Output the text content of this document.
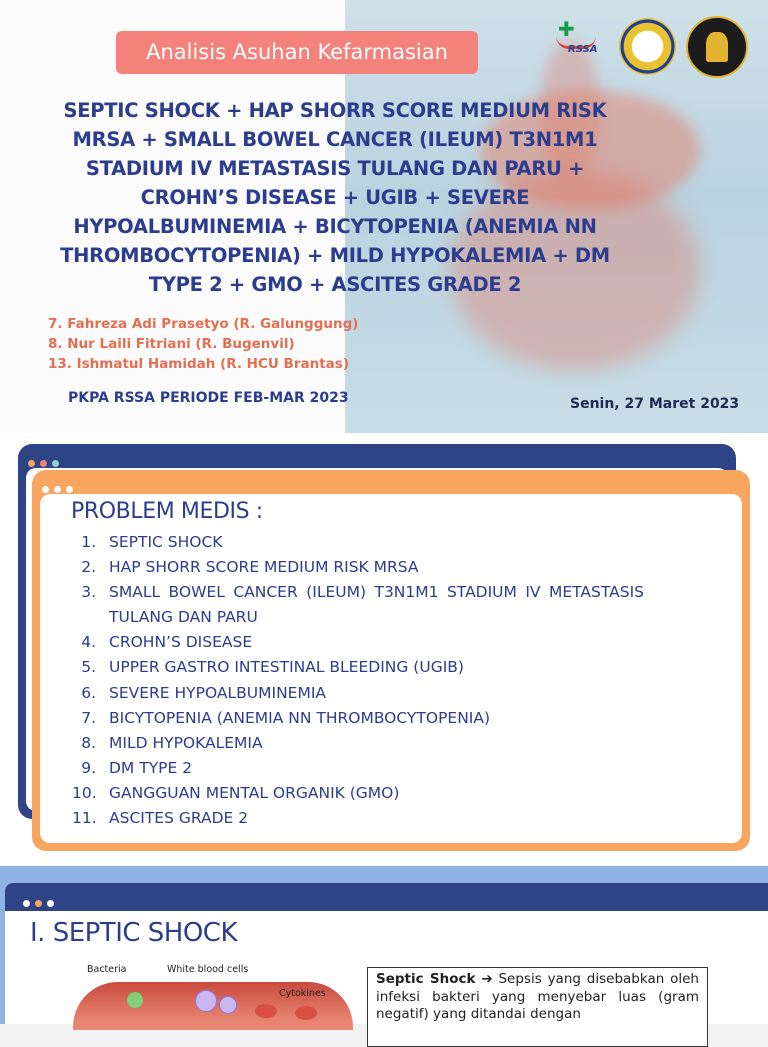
Analisis Asuhan Kefarmasian
✚
RSSA
SEPTIC SHOCK + HAP SHORR SCORE MEDIUM RISK
MRSA + SMALL BOWEL CANCER (ILEUM) T3N1M1
STADIUM IV METASTASIS TULANG DAN PARU +
CROHN’S DISEASE + UGIB + SEVERE
HYPOALBUMINEMIA + BICYTOPENIA (ANEMIA NN
THROMBOCYTOPENIA) + MILD HYPOKALEMIA + DM
TYPE 2 + GMO + ASCITES GRADE 2
7. Fahreza Adi Prasetyo (R. Galunggung)
8. Nur Laili Fitriani (R. Bugenvil)
13. Ishmatul Hamidah (R. HCU Brantas)
PKPA RSSA PERIODE FEB-MAR 2023	Senin, 27 Maret 2023
PROBLEM MEDIS :
1. SEPTIC SHOCK
2. HAP SHORR SCORE MEDIUM RISK MRSA
3. SMALL BOWEL CANCER (ILEUM) T3N1M1 STADIUM IV METASTASIS TULANG DAN PARU
4. CROHN’S DISEASE
5. UPPER GASTRO INTESTINAL BLEEDING (UGIB)
6. SEVERE HYPOALBUMINEMIA
7. BICYTOPENIA (ANEMIA NN THROMBOCYTOPENIA)
8. MILD HYPOKALEMIA
9. DM TYPE 2
10. GANGGUAN MENTAL ORGANIK (GMO)
11. ASCITES GRADE 2
I. SEPTIC SHOCK
Bacteria	White blood cells
Cytokines
Septic Shock ➔ Sepsis yang disebabkan oleh infeksi bakteri yang menyebar luas (gram negatif) yang ditandai dengan
